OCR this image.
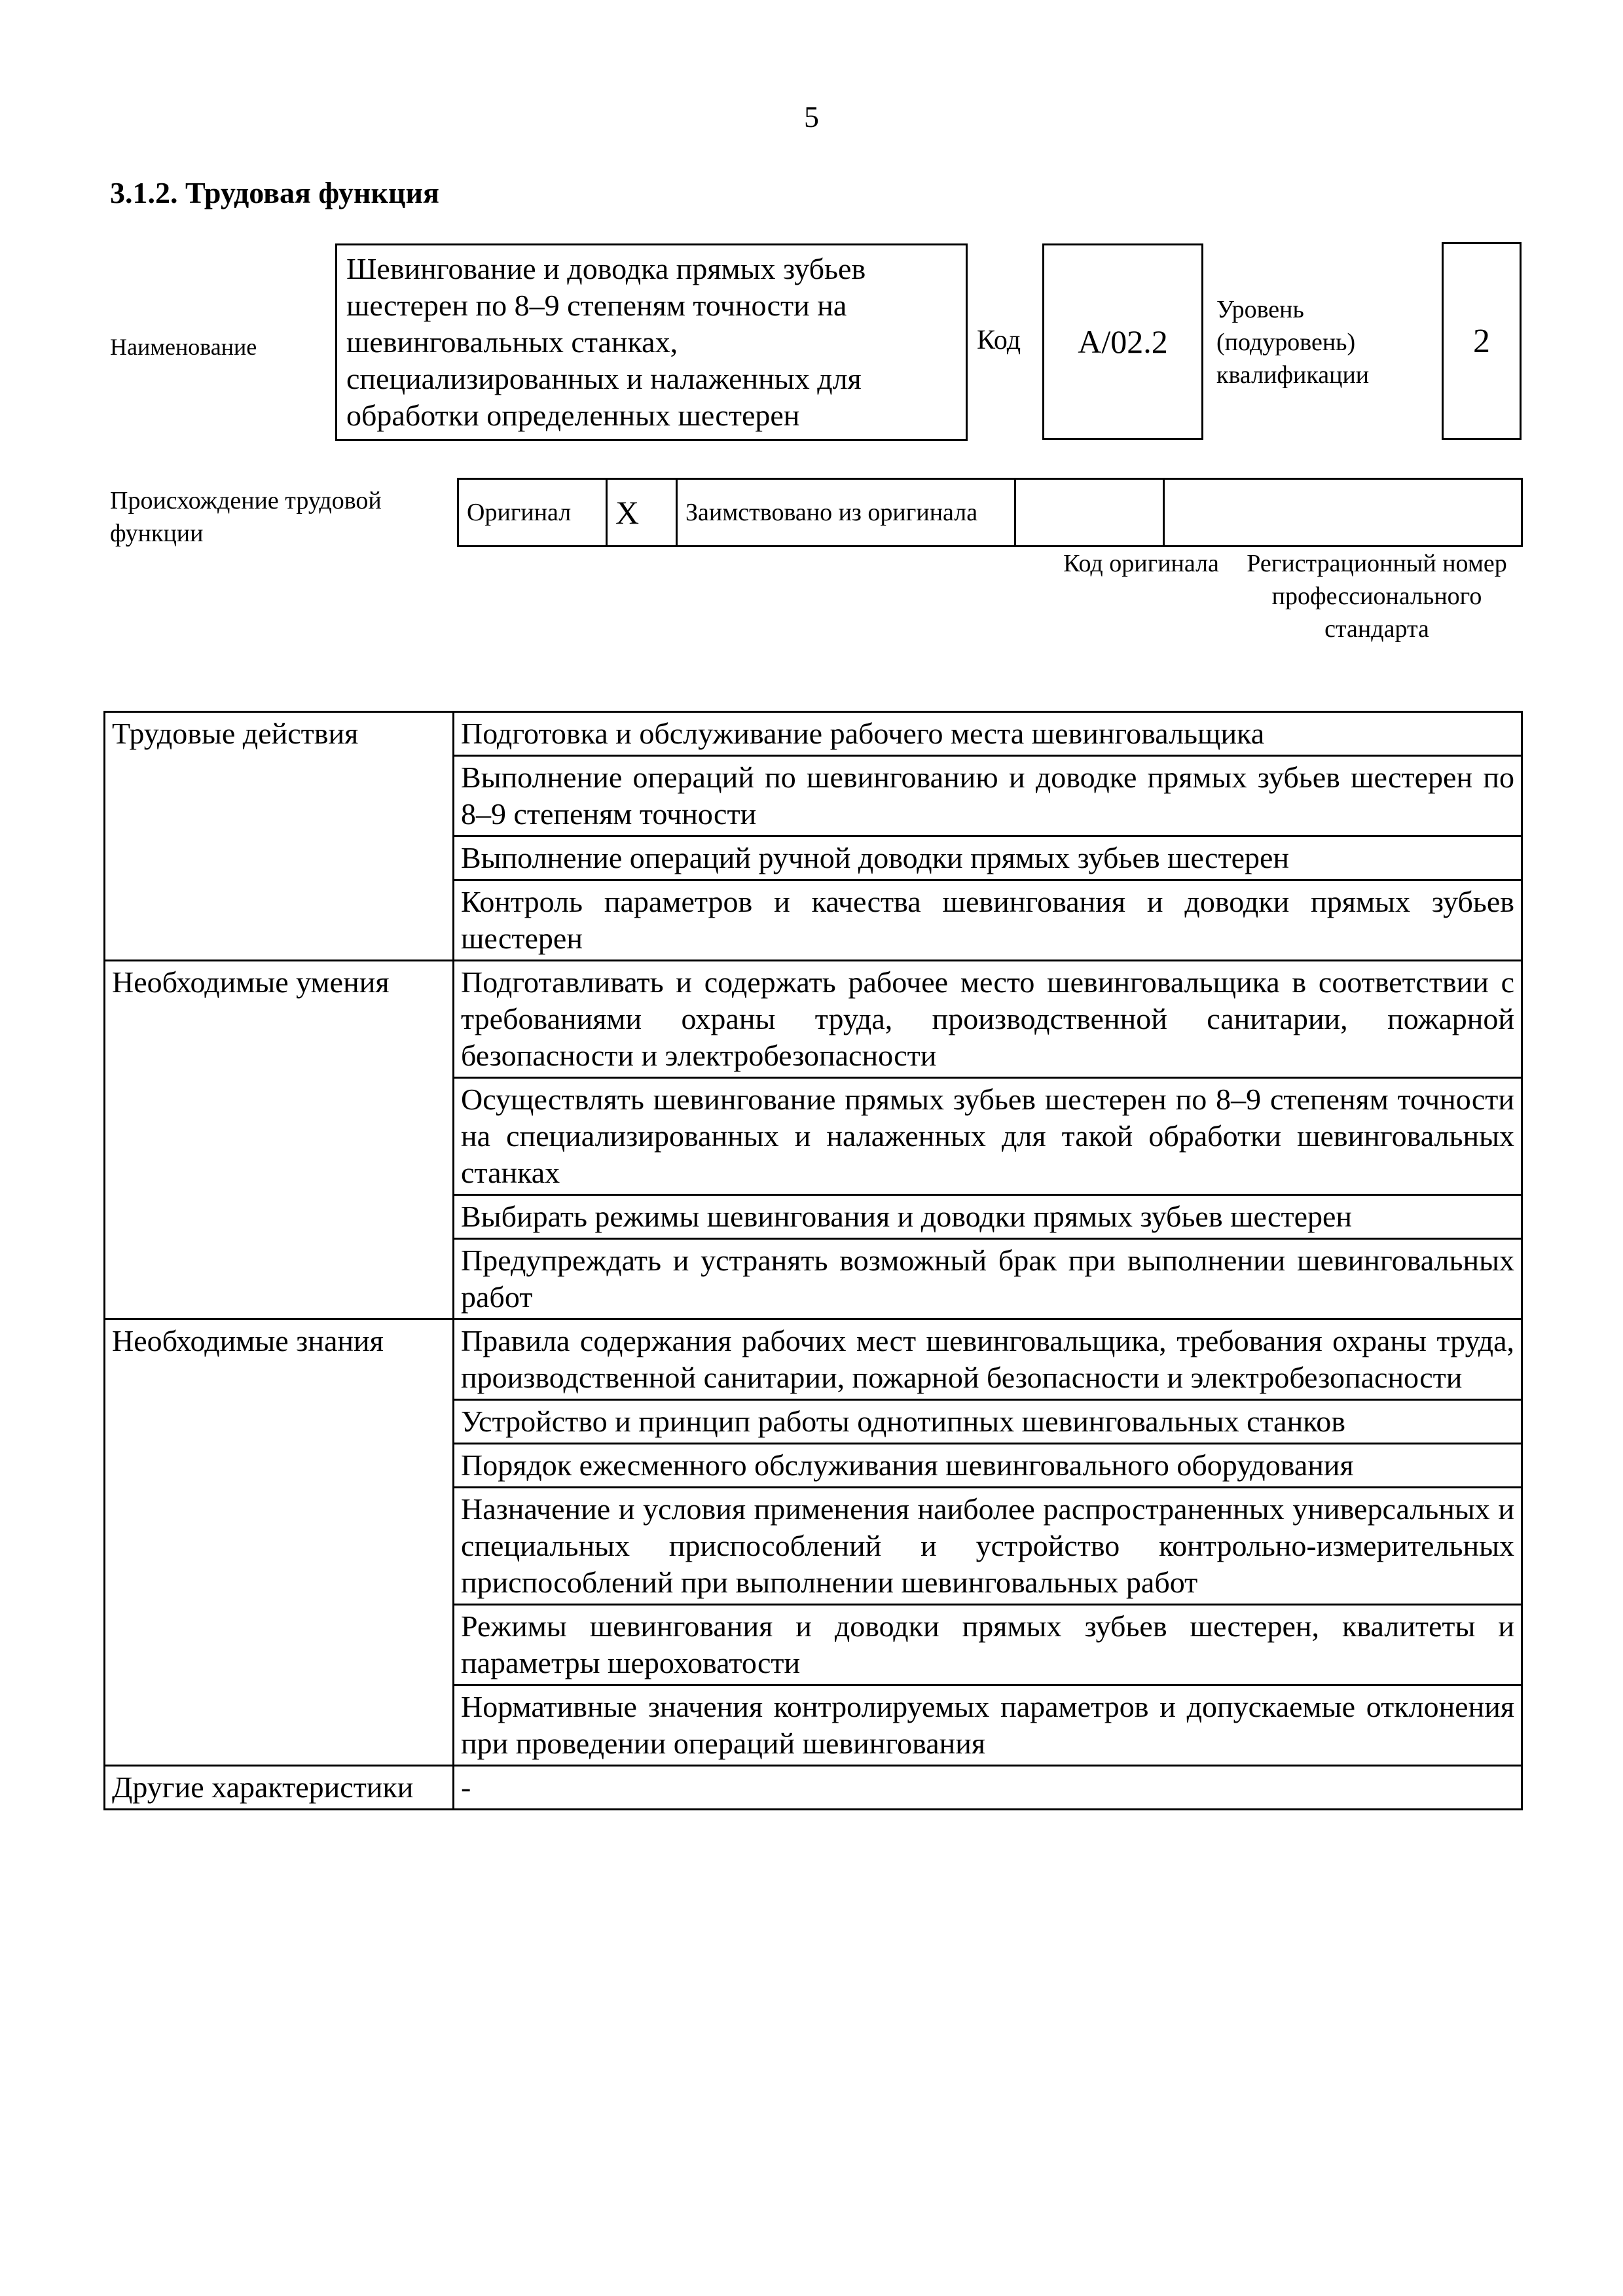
5
3.1.2. Трудовая функция
Наименование
Шевингование и доводка прямых зубьев шестерен по 8–9 степеням точности на шевинговальных станках, специализированных и налаженных для обработки определенных шестерен
Код	А/02.2
Уровень (подуровень) квалификации
2
Происхождение трудовой функции
Оригинал	Х	Заимствовано из оригинала		
Код оригинала	Регистрационный номер профессионального стандарта
Трудовые действия	Подготовка и обслуживание рабочего места шевинговальщика
	Выполнение операций по шевингованию и доводке прямых зубьев шестерен по 8–9 степеням точности
	Выполнение операций ручной доводки прямых зубьев шестерен
	Контроль параметров и качества шевингования и доводки прямых зубьев шестерен
Необходимые умения	Подготавливать и содержать рабочее место шевинговальщика в соответствии с требованиями охраны труда, производственной санитарии, пожарной безопасности и электробезопасности
	Осуществлять шевингование прямых зубьев шестерен по 8–9 степеням точности на специализированных и налаженных для такой обработки шевинговальных станках
	Выбирать режимы шевингования и доводки прямых зубьев шестерен
	Предупреждать и устранять возможный брак при выполнении шевинговальных работ
Необходимые знания	Правила содержания рабочих мест шевинговальщика, требования охраны труда, производственной санитарии, пожарной безопасности и электробезопасности
	Устройство и принцип работы однотипных шевинговальных станков
	Порядок ежесменного обслуживания шевинговального оборудования
	Назначение и условия применения наиболее распространенных универсальных и специальных приспособлений и устройство контрольно-измерительных приспособлений при выполнении шевинговальных работ
	Режимы шевингования и доводки прямых зубьев шестерен, квалитеты и параметры шероховатости
	Нормативные значения контролируемых параметров и допускаемые отклонения при проведении операций шевингования
Другие характеристики	-
